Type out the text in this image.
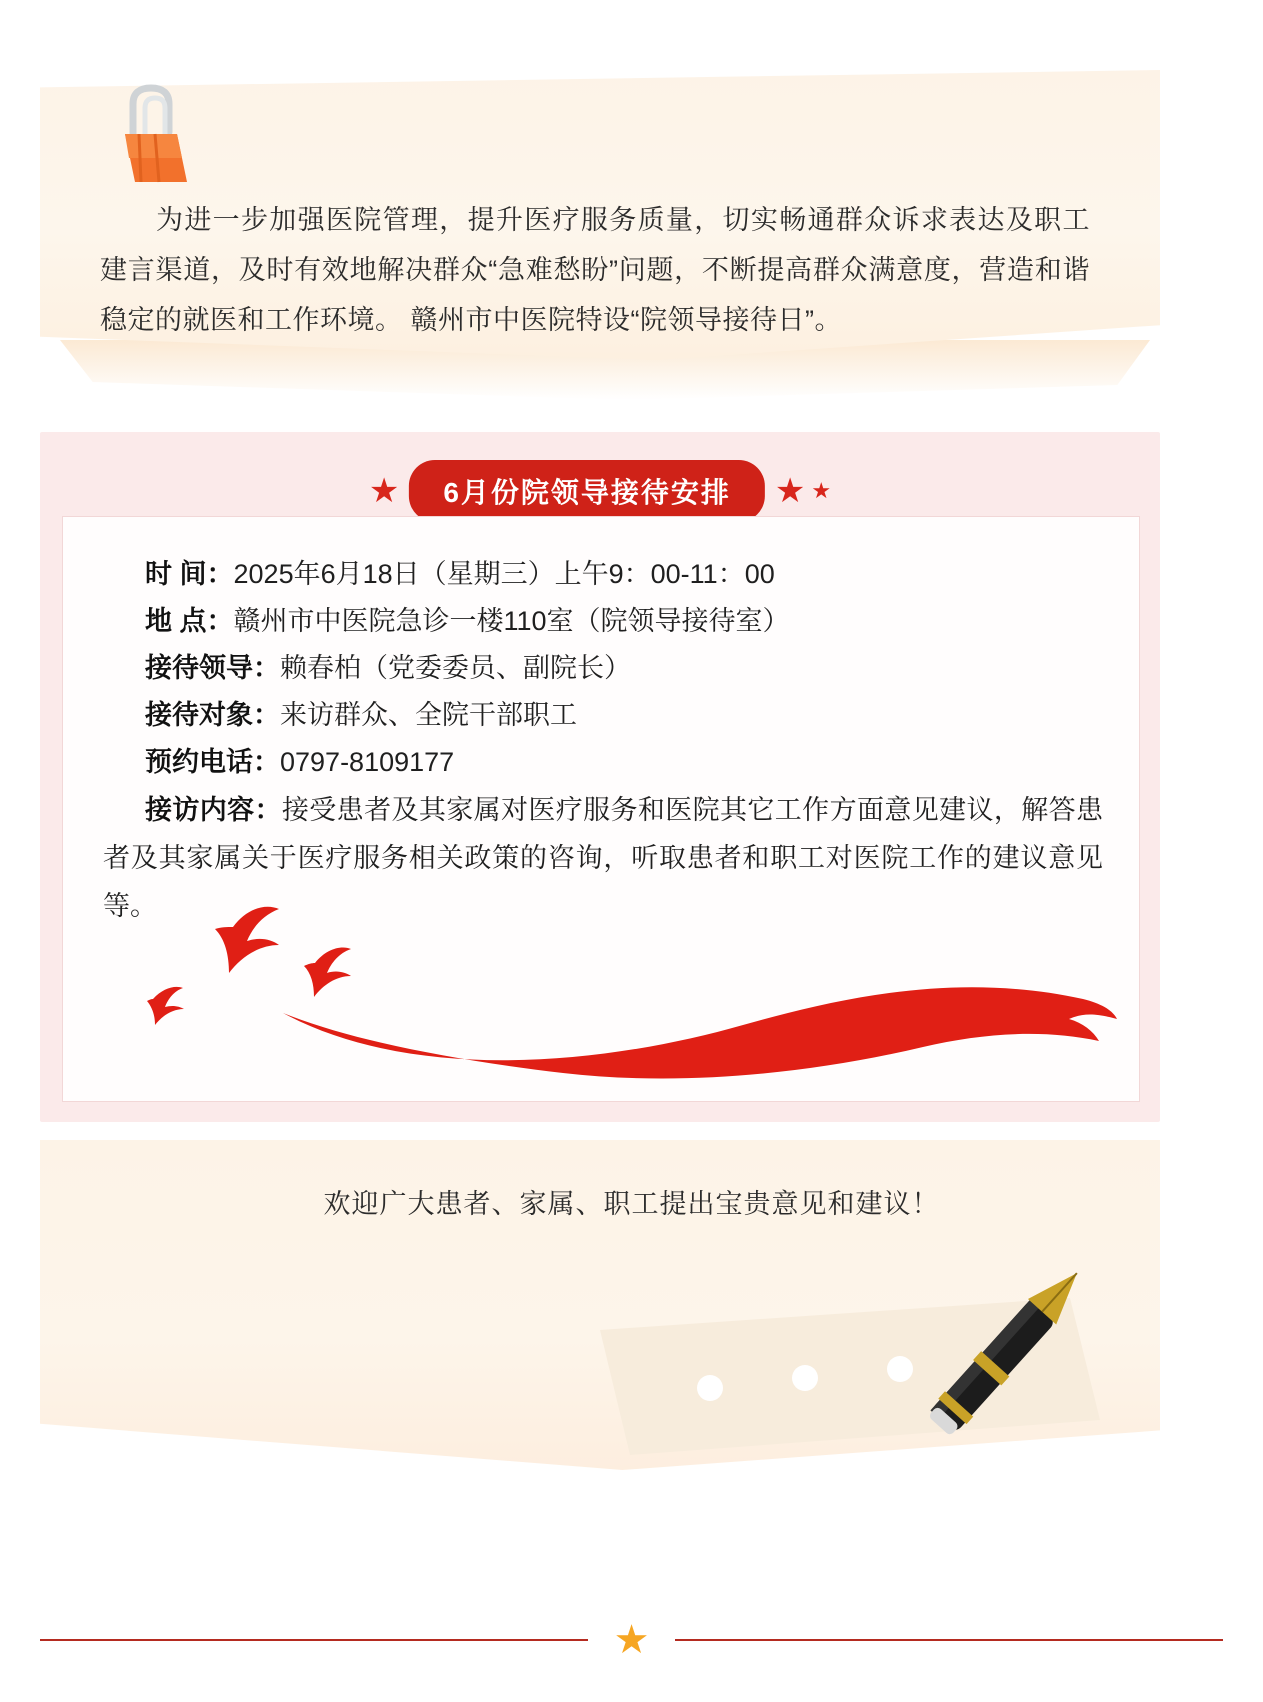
为进一步加强医院管理，提升医疗服务质量，切实畅通群众诉求表达及职工建言渠道，及时有效地解决群众“急难愁盼”问题，不断提高群众满意度，营造和谐稳定的就医和工作环境。 赣州市中医院特设“院领导接待日”。
★	6月份院领导接待安排	★ ★
时 间：2025年6月18日（星期三）上午9：00-11：00
地 点：赣州市中医院急诊一楼110室（院领导接待室）
接待领导：赖春柏（党委委员、副院长）
接待对象：来访群众、全院干部职工
预约电话：0797-8109177
接访内容：接受患者及其家属对医疗服务和医院其它工作方面意见建议，解答患者及其家属关于医疗服务相关政策的咨询，听取患者和职工对医院工作的建议意见等。
欢迎广大患者、家属、职工提出宝贵意见和建议！
★
